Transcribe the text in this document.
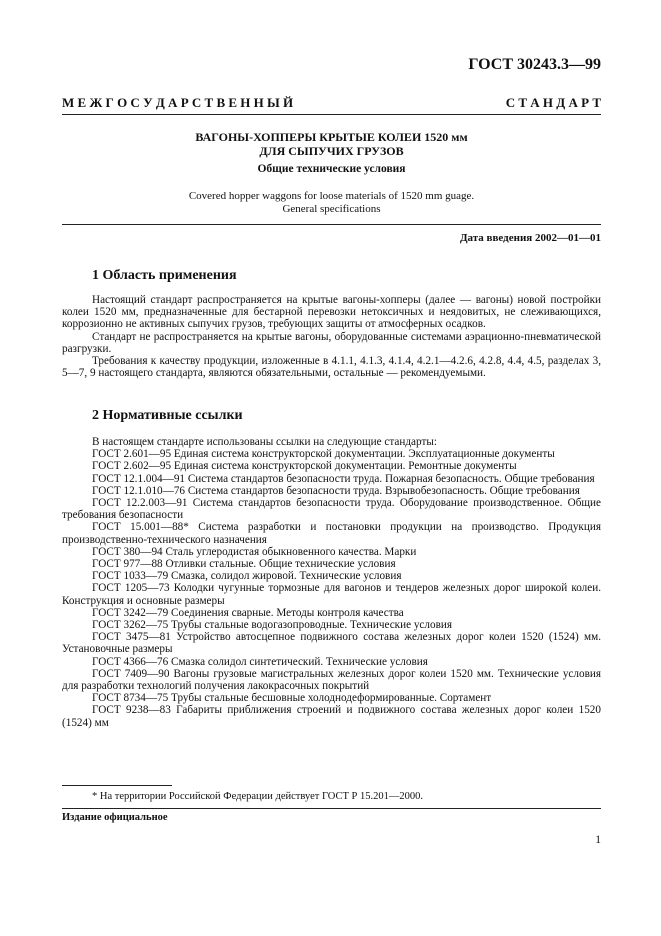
ГОСТ 30243.3—99
М Е Ж Г О С У Д А Р С Т В Е Н Н Ы Й	С Т А Н Д А Р Т
ВАГОНЫ-ХОППЕРЫ КРЫТЫЕ КОЛЕИ 1520 мм
ДЛЯ СЫПУЧИХ ГРУЗОВ
Общие технические условия
Covered hopper waggons for loose materials of 1520 mm guage.
General specifications
Дата введения 2002—01—01
1 Область применения

Настоящий стандарт распространяется на крытые вагоны-хопперы (далее — вагоны) новой постройки колеи 1520 мм, предназначенные для бестарной перевозки нетоксичных и неядовитых, не слеживающихся, коррозионно не активных сыпучих грузов, требующих защиты от атмосферных осадков.

Стандарт не распространяется на крытые вагоны, оборудованные системами аэрационно-пневматической разгрузки.

Требования к качеству продукции, изложенные в 4.1.1, 4.1.3, 4.1.4, 4.2.1—4.2.6, 4.2.8, 4.4, 4.5, разделах 3, 5—7, 9 настоящего стандарта, являются обязательными, остальные — рекомендуемыми.

2 Нормативные ссылки

В настоящем стандарте использованы ссылки на следующие стандарты:

ГОСТ 2.601—95 Единая система конструкторской документации. Эксплуатационные документы

ГОСТ 2.602—95 Единая система конструкторской документации. Ремонтные документы

ГОСТ 12.1.004—91 Система стандартов безопасности труда. Пожарная безопасность. Общие требования

ГОСТ 12.1.010—76 Система стандартов безопасности труда. Взрывобезопасность. Общие требования

ГОСТ 12.2.003—91 Система стандартов безопасности труда. Оборудование производственное. Общие требования безопасности

ГОСТ 15.001—88* Система разработки и постановки продукции на производство. Продукция производственно-технического назначения

ГОСТ 380—94 Сталь углеродистая обыкновенного качества. Марки

ГОСТ 977—88 Отливки стальные. Общие технические условия

ГОСТ 1033—79 Смазка, солидол жировой. Технические условия

ГОСТ 1205—73 Колодки чугунные тормозные для вагонов и тендеров железных дорог широкой колеи. Конструкция и основные размеры

ГОСТ 3242—79 Соединения сварные. Методы контроля качества

ГОСТ 3262—75 Трубы стальные водогазопроводные. Технические условия

ГОСТ 3475—81 Устройство автосцепное подвижного состава железных дорог колеи 1520 (1524) мм. Установочные размеры

ГОСТ 4366—76 Смазка солидол синтетический. Технические условия

ГОСТ 7409—90 Вагоны грузовые магистральных железных дорог колеи 1520 мм. Технические условия для разработки технологий получения лакокрасочных покрытий

ГОСТ 8734—75 Трубы стальные бесшовные холоднодеформированные. Сортамент

ГОСТ 9238—83 Габариты приближения строений и подвижного состава железных дорог колеи 1520 (1524) мм

* На территории Российской Федерации действует ГОСТ Р 15.201—2000.
Издание официальное
1
